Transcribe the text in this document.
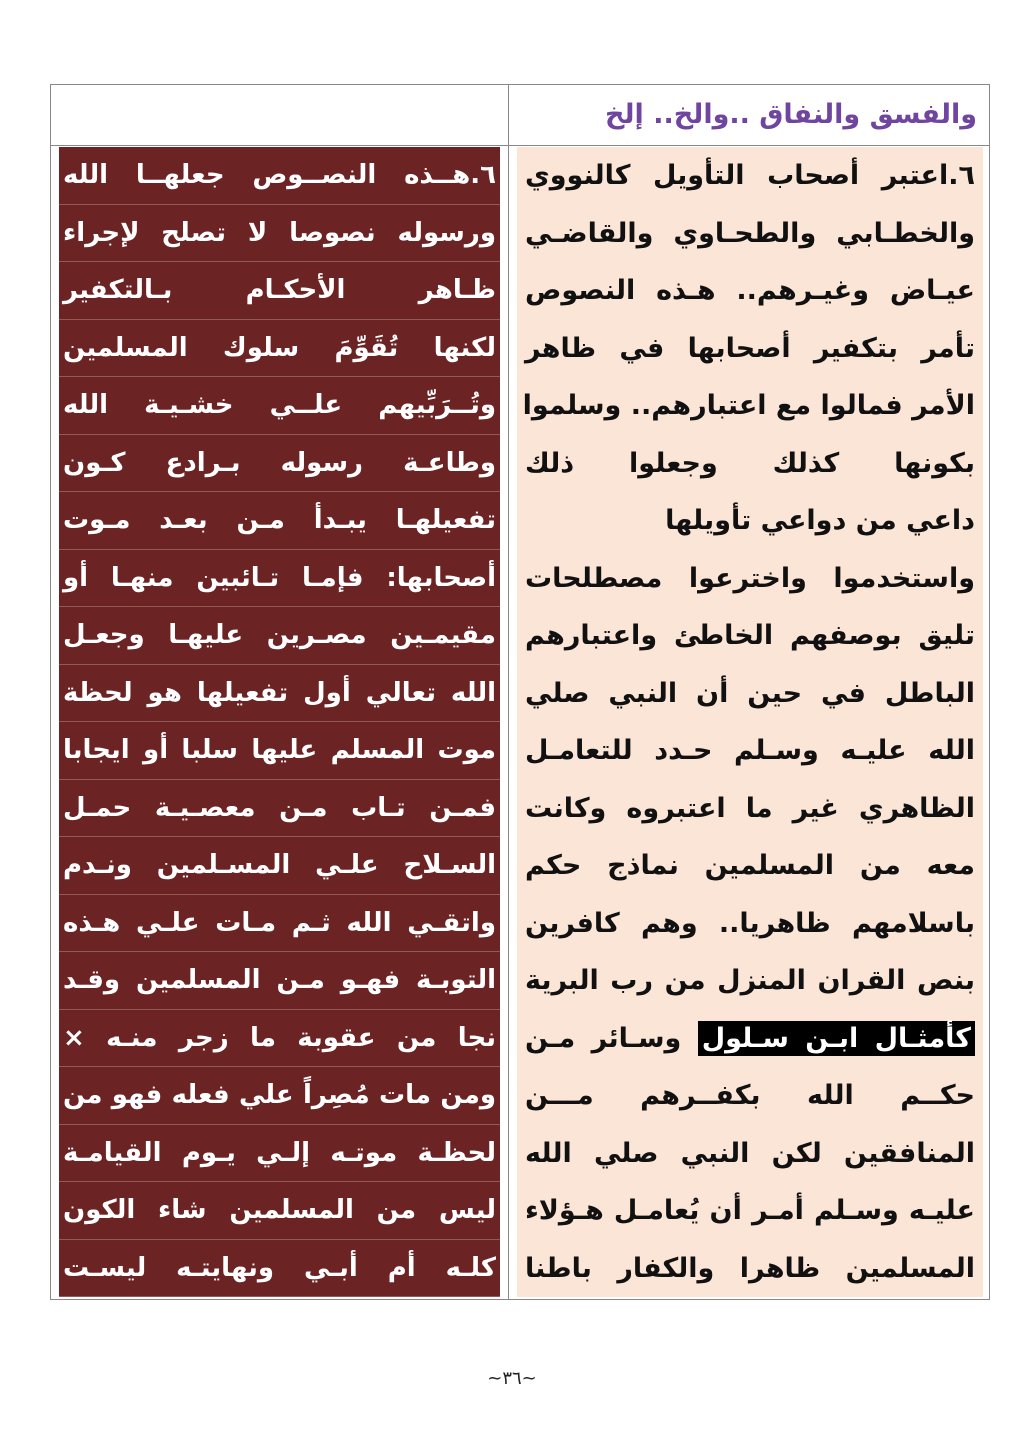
والفسق والنفاق ..والخ.. إلخ
٦.اعتبر أصحاب التأويل كالنووي
والخطـابي والطحـاوي والقاضـي
عيـاض وغيـرهم.. هـذه النصوص
تأمر بتكفير أصحابها في ظاهر
الأمر فمالوا مع اعتبارهم.. وسلموا
بكونها كذلك وجعلوا ذلك
داعي من دواعي تأويلها
واستخدموا واخترعوا مصطلحات
تليق بوصفهم الخاطئ واعتبارهم
الباطل في حين أن النبي صلي
الله عليـه وسـلم حـدد للتعامـل
الظاهري غير ما اعتبروه وكانت
معه من المسلمين نماذج حكم
باسلامهم ظاهريا.. وهم كافرين
بنص القران المنزل من رب البرية
كأمثـال ابـن سـلول وسـائر مـن
حكــم الله بكفــرهم مـــن
المنافقين لكن النبي صلي الله
عليـه وسـلم أمـر أن يُعامـل هـؤلاء
المسلمين ظاهرا والكفار باطنا
٦.هــذه النصــوص جعلهــا الله
ورسوله نصوصا لا تصلح لإجراء
ظـاهر الأحكـام بـالتكفير
لكنها تُقَوِّمَ سلوك المسلمين
وتُــرَبِّيهم علــي خشـيـة الله
وطاعـة رسوله بـرادع كـون
تفعيلهـا يبـدأ مـن بعـد مـوت
أصحابها: فإمـا تـائبين منهـا أو
مقيمـين مصـرين عليهـا وجعـل
الله تعالي أول تفعيلها هو لحظة
موت المسلم عليها سلبا أو ايجابا
فمـن تـاب مـن معصـيـة حمـل
السـلاح علـي المسـلمين ونـدم
واتقـي الله ثـم مـات علـي هـذه
التوبـة فهـو مـن المسلمين وقـد
نجا من عقوبة ما زجر منـه ×
ومن مات مُصِراً علي فعله فهو من
لحظـة موتـه إلـي يـوم القيامـة
ليس من المسلمين شاء الكون
كلـه أم أبـي ونهايتـه ليسـت
~٣٦~
